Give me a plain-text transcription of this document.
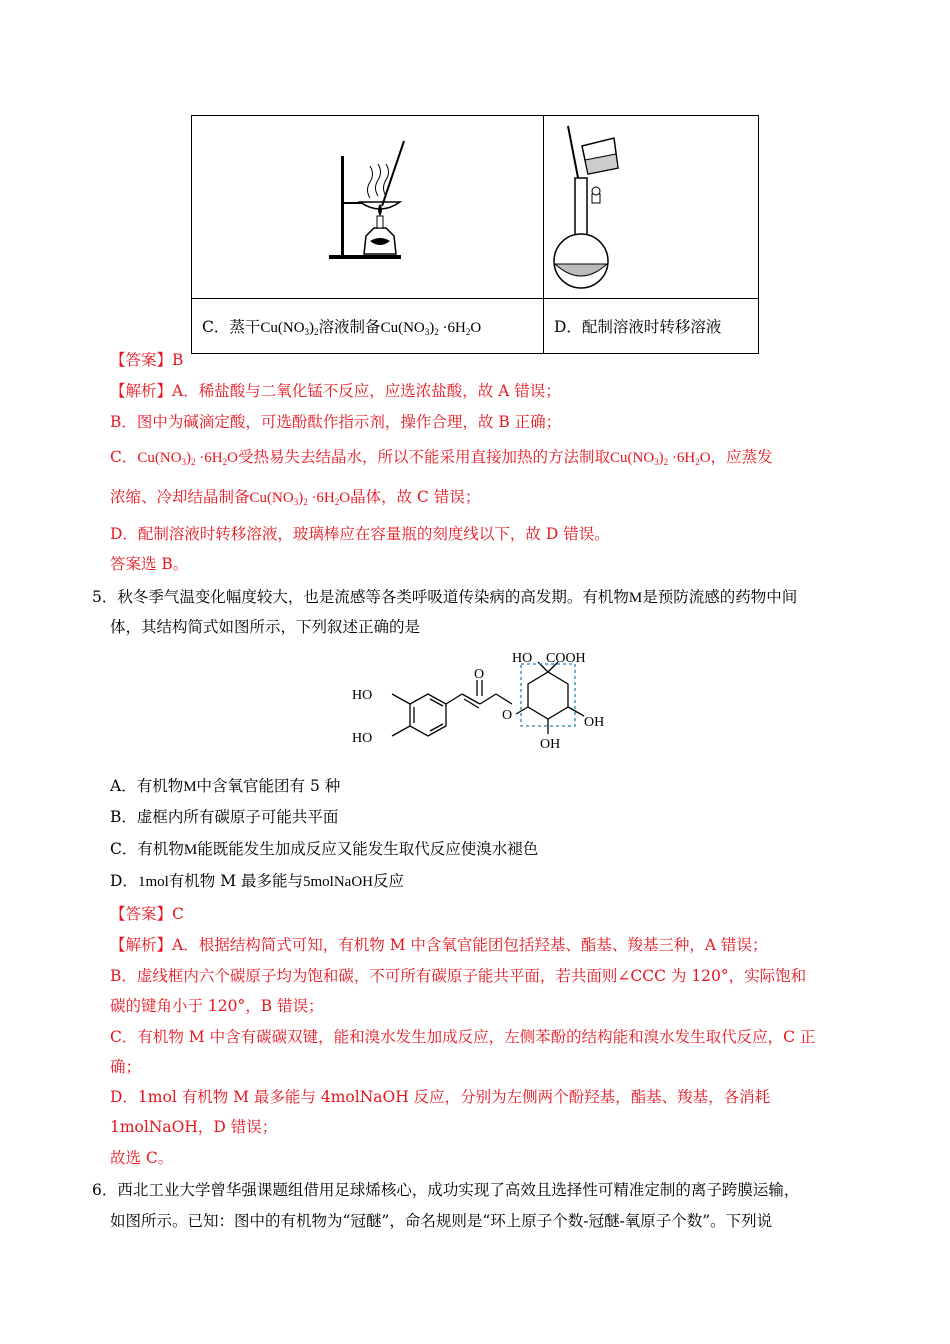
C．蒸干$Cu(NO_3)_2$溶液制备$Cu(NO_3)_2 \cdot 6H_2O$	D．配制溶液时转移溶液
【答案】B
【解析】A．稀盐酸与二氧化锰不反应，应选浓盐酸，故 A 错误；
B．图中为碱滴定酸，可选酚酞作指示剂，操作合理，故 B 正确；
C．$Cu(NO_3)_2 \cdot 6H_2O$受热易失去结晶水，所以不能采用直接加热的方法制取$Cu(NO_3)_2 \cdot 6H_2O$，应蒸发
浓缩、冷却结晶制备$Cu(NO_3)_2 \cdot 6H_2O$晶体，故 C 错误；
D．配制溶液时转移溶液，玻璃棒应在容量瓶的刻度线以下，故 D 错误。
答案选 B。
5．秋冬季气温变化幅度较大，也是流感等各类呼吸道传染病的高发期。有机物M是预防流感的药物中间
体，其结构简式如图所示，下列叙述正确的是
HO COOH
O
O
HO
HO
OH
OH
A．有机物M中含氧官能团有 5 种
B．虚框内所有碳原子可能共平面
C．有机物M能既能发生加成反应又能发生取代反应使溴水褪色
D．1mol有机物 M 最多能与5molNaOH反应
【答案】C
【解析】A．根据结构简式可知，有机物 M 中含氧官能团包括羟基、酯基、羧基三种，A 错误；
B．虚线框内六个碳原子均为饱和碳，不可所有碳原子能共平面，若共面则∠CCC 为 120°，实际饱和
碳的键角小于 120°，B 错误；
C．有机物 M 中含有碳碳双键，能和溴水发生加成反应，左侧苯酚的结构能和溴水发生取代反应，C 正
确；
D．1mol 有机物 M 最多能与 4molNaOH 反应，分别为左侧两个酚羟基，酯基、羧基，各消耗
1molNaOH，D 错误；
故选 C。
6．西北工业大学曾华强课题组借用足球烯核心，成功实现了高效且选择性可精准定制的离子跨膜运输，
如图所示。已知：图中的有机物为“冠醚”，命名规则是“环上原子个数-冠醚-氧原子个数”。下列说
